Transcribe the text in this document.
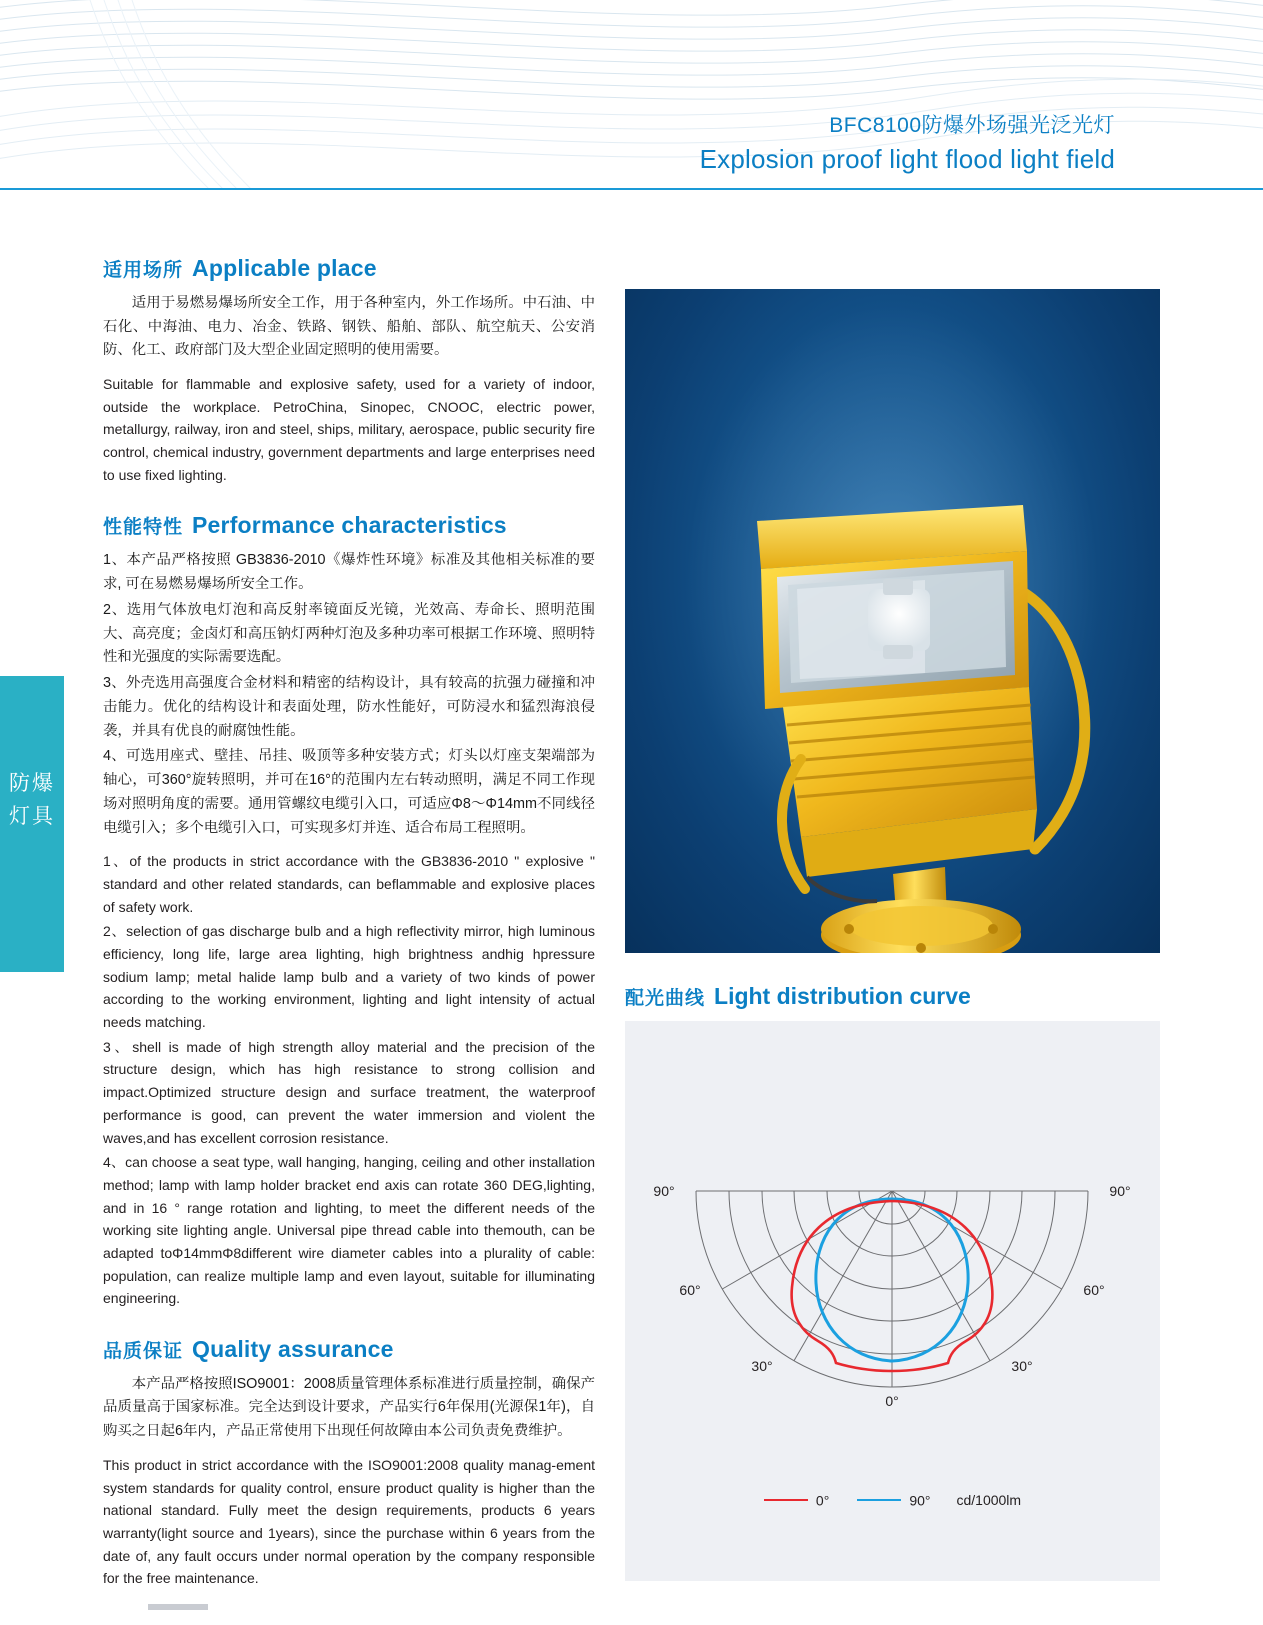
BFC8100防爆外场强光泛光灯
Explosion proof light flood light field
防爆灯具
适用场所 Applicable place

适用于易燃易爆场所安全工作，用于各种室内，外工作场所。中石油、中石化、中海油、电力、冶金、铁路、钢铁、船舶、部队、航空航天、公安消防、化工、政府部门及大型企业固定照明的使用需要。

Suitable for flammable and explosive safety, used for a variety of indoor, outside the workplace. PetroChina, Sinopec, CNOOC, electric power, metallurgy, railway, iron and steel, ships, military, aerospace, public security fire control, chemical industry, government departments and large enterprises need to use fixed lighting.

性能特性 Performance characteristics

1、本产品严格按照 GB3836-2010《爆炸性环境》标准及其他相关标准的要求, 可在易燃易爆场所安全工作。

2、选用气体放电灯泡和高反射率镜面反光镜，光效高、寿命长、照明范围大、高亮度；金卤灯和高压钠灯两种灯泡及多种功率可根据工作环境、照明特性和光强度的实际需要选配。

3、外壳选用高强度合金材料和精密的结构设计，具有较高的抗强力碰撞和冲击能力。优化的结构设计和表面处理，防水性能好，可防浸水和猛烈海浪侵袭，并具有优良的耐腐蚀性能。

4、可选用座式、壁挂、吊挂、吸顶等多种安装方式；灯头以灯座支架端部为轴心，可360°旋转照明，并可在16°的范围内左右转动照明，满足不同工作现场对照明角度的需要。通用管螺纹电缆引入口，可适应Φ8～Φ14mm不同线径电缆引入；多个电缆引入口，可实现多灯并连、适合布局工程照明。

1、of the products in strict accordance with the GB3836-2010 " explosive " standard and other related standards, can beflammable and explosive places of safety work.

2、selection of gas discharge bulb and a high reflectivity mirror, high luminous efficiency, long life, large area lighting, high brightness andhig hpressure sodium lamp; metal halide lamp bulb and a variety of two kinds of power according to the working environment, lighting and light intensity of actual needs matching.

3、shell is made of high strength alloy material and the precision of the structure design, which has high resistance to strong collision and impact.Optimized structure design and surface treatment, the waterproof performance is good, can prevent the water immersion and violent the waves,and has excellent corrosion resistance.

4、can choose a seat type, wall hanging, hanging, ceiling and other installation method; lamp with lamp holder bracket end axis can rotate 360 DEG,lighting, and in 16 ° range rotation and lighting, to meet the different needs of the working site lighting angle. Universal pipe thread cable into themouth, can be adapted toΦ14mmΦ8different wire diameter cables into a plurality of cable: population, can realize multiple lamp and even layout, suitable for illuminating engineering.

品质保证 Quality assurance

本产品严格按照ISO9001：2008质量管理体系标准进行质量控制，确保产品质量高于国家标准。完全达到设计要求，产品实行6年保用(光源保1年)，自购买之日起6年内，产品正常使用下出现任何故障由本公司负责免费维护。

This product in strict accordance with the ISO9001:2008 quality manag-ement system standards for quality control, ensure product quality is higher than the national standard. Fully meet the design requirements, products 6 years warranty(light source and 1years), since the purchase within 6 years from the date of, any fault occurs under normal operation by the company responsible for the free maintenance.

配光曲线 Light distribution curve
90°	90°
60°	60°
30°	30°
0°
0°	90° cd/1000lm
